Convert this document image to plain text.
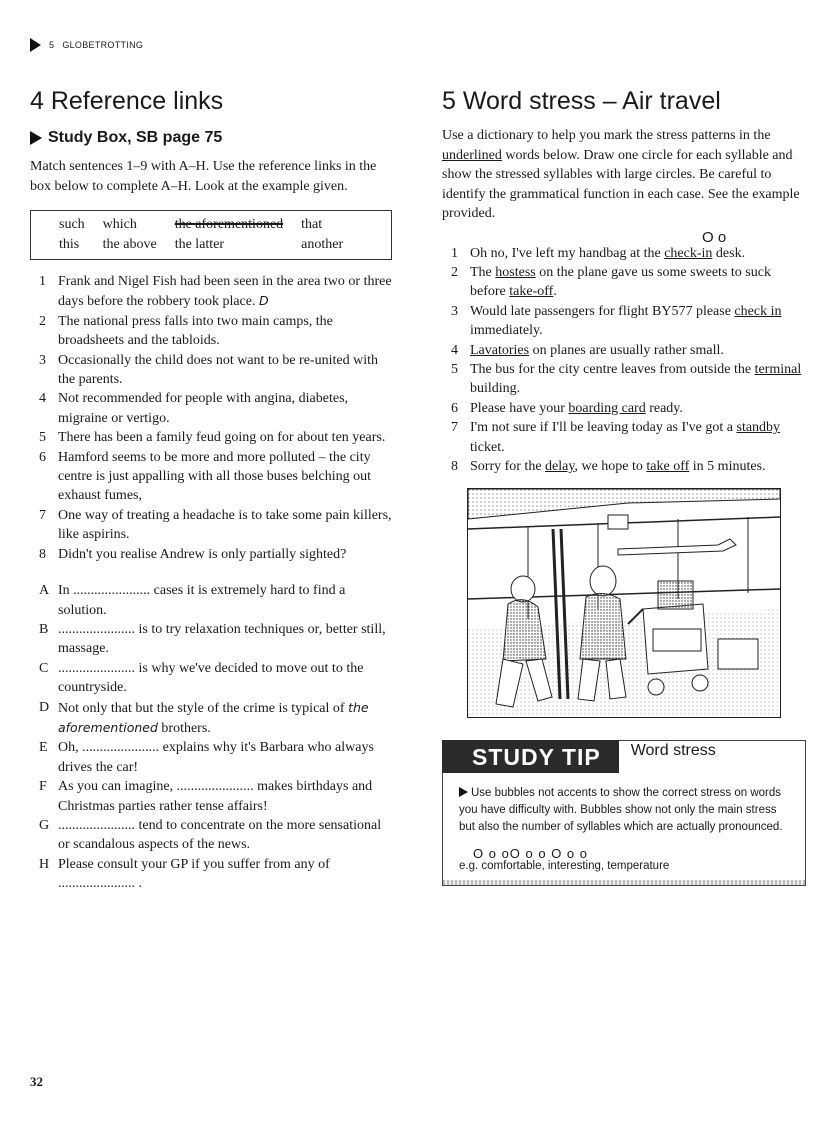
5 GLOBETROTTING
4 Reference links
Study Box, SB page 75
Match sentences 1–9 with A–H. Use the reference links in the box below to complete A–H. Look at the example given.
such	which	the aforementioned	that
this	the above	the latter	another
1 Frank and Nigel Fish had been seen in the area two or three days before the robbery took place. D
2 The national press falls into two main camps, the broadsheets and the tabloids.
3 Occasionally the child does not want to be re-united with the parents.
4 Not recommended for people with angina, diabetes, migraine or vertigo.
5 There has been a family feud going on for about ten years.
6 Hamford seems to be more and more polluted – the city centre is just appalling with all those buses belching out exhaust fumes,
7 One way of treating a headache is to take some pain killers, like aspirins.
8 Didn't you realise Andrew is only partially sighted?
A In ...................... cases it is extremely hard to find a solution.
B ...................... is to try relaxation techniques or, better still, massage.
C ...................... is why we've decided to move out to the countryside.
D Not only that but the style of the crime is typical of the aforementioned brothers.
E Oh, ...................... explains why it's Barbara who always drives the car!
F As you can imagine, ...................... makes birthdays and Christmas parties rather tense affairs!
G ...................... tend to concentrate on the more sensational or scandalous aspects of the news.
H Please consult your GP if you suffer from any of ...................... .
5 Word stress – Air travel
Use a dictionary to help you mark the stress patterns in the underlined words below. Draw one circle for each syllable and show the stressed syllables with large circles. Be careful to identify the grammatical function in each case. See the example provided.
O o
1 Oh no, I've left my handbag at the check-in desk.
2 The hostess on the plane gave us some sweets to suck before take-off.
3 Would late passengers for flight BY577 please check in immediately.
4 Lavatories on planes are usually rather small.
5 The bus for the city centre leaves from outside the terminal building.
6 Please have your boarding card ready.
7 I'm not sure if I'll be leaving today as I've got a standby ticket.
8 Sorry for the delay, we hope to take off in 5 minutes.
STUDY TIP	Word stress
Use bubbles not accents to show the correct stress on words you have difficulty with. Bubbles show not only the main stress but also the number of syllables which are actually pronounced.
O o oO o o O o o
e.g. comfortable, interesting, temperature
32
